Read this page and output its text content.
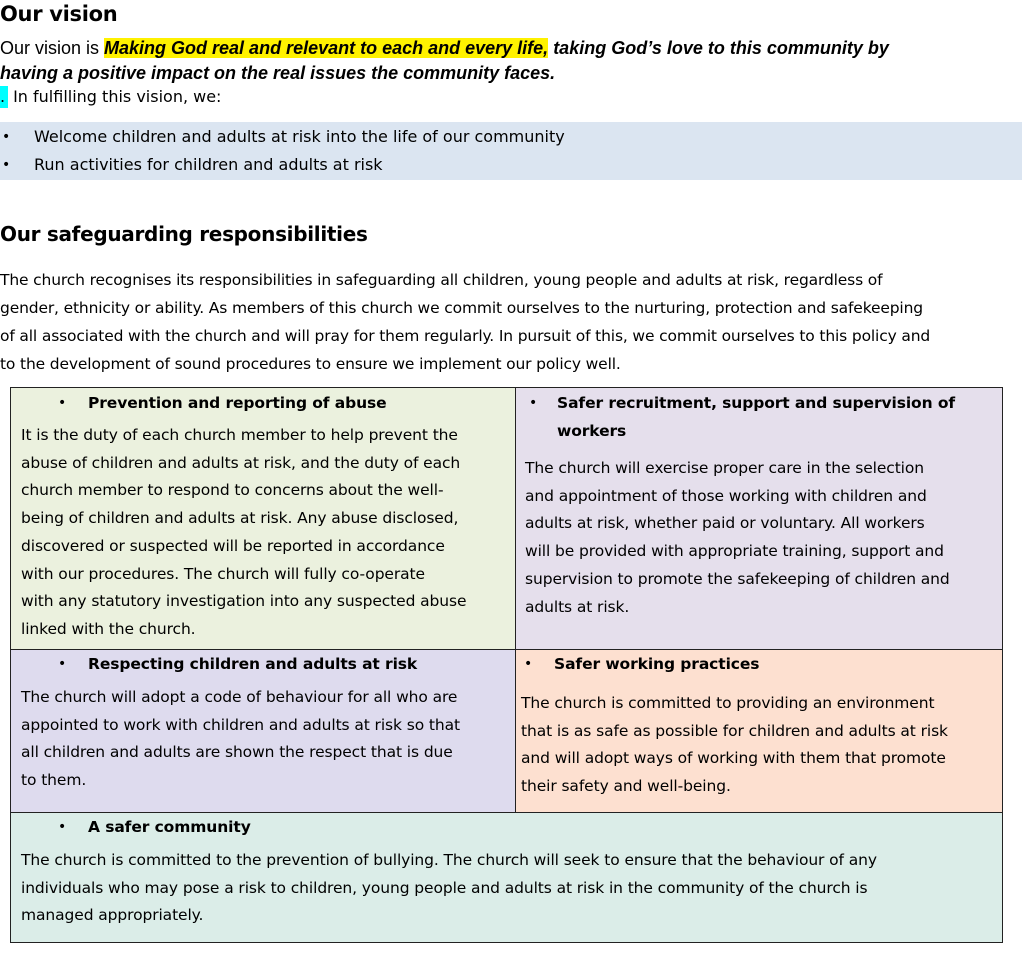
Our vision
Our vision is Making God real and relevant to each and every life, taking God’s love to this community by
having a positive impact on the real issues the community faces.
. In fulfilling this vision, we:
• Welcome children and adults at risk into the life of our community
• Run activities for children and adults at risk
Our safeguarding responsibilities
The church recognises its responsibilities in safeguarding all children, young people and adults at risk, regardless of
gender, ethnicity or ability. As members of this church we commit ourselves to the nurturing, protection and safekeeping
of all associated with the church and will pray for them regularly. In pursuit of this, we commit ourselves to this policy and
to the development of sound procedures to ensure we implement our policy well.
• Prevention and reporting of abuse
It is the duty of each church member to help prevent the
abuse of children and adults at risk, and the duty of each
church member to respond to concerns about the well-
being of children and adults at risk. Any abuse disclosed,
discovered or suspected will be reported in accordance
with our procedures. The church will fully co-operate
with any statutory investigation into any suspected abuse
linked with the church.
• Safer recruitment, support and supervision of
workers
The church will exercise proper care in the selection
and appointment of those working with children and
adults at risk, whether paid or voluntary. All workers
will be provided with appropriate training, support and
supervision to promote the safekeeping of children and
adults at risk.
• Respecting children and adults at risk
The church will adopt a code of behaviour for all who are
appointed to work with children and adults at risk so that
all children and adults are shown the respect that is due
to them.
• Safer working practices
The church is committed to providing an environment
that is as safe as possible for children and adults at risk
and will adopt ways of working with them that promote
their safety and well-being.
• A safer community
The church is committed to the prevention of bullying. The church will seek to ensure that the behaviour of any
individuals who may pose a risk to children, young people and adults at risk in the community of the church is
managed appropriately.
